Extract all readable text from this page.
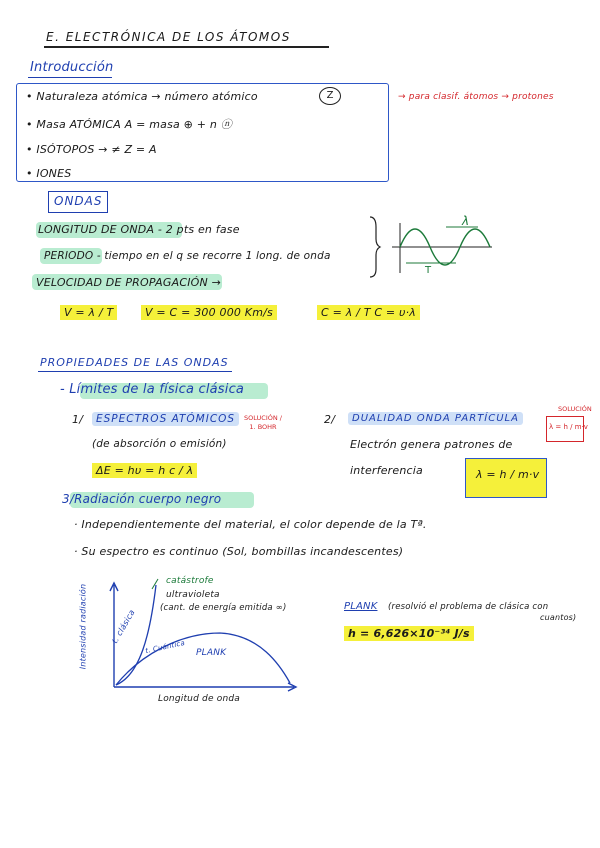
E. ELECTRÓNICA DE LOS ÁTOMOS
Introducción
• Naturaleza atómica → número atómico	Z
• Masa ATÓMICA A = masa ⊕ + n ⓝ
• ISÓTOPOS → ≠ Z = A
• IONES
→ para clasif. átomos → protones
ONDAS
LONGITUD DE ONDA - 2 pts en fase
PERIODO - tiempo en el q se recorre 1 long. de onda
VELOCIDAD DE PROPAGACIÓN →
λ
T
V = λ / T	V = C = 300 000 Km/s	C = λ / T C = υ·λ
PROPIEDADES DE LAS ONDAS
- Límites de la física clásica
1/	ESPECTROS ATÓMICOS	SOLUCIÓN / 1. BOHR
(de absorción o emisión)
ΔE = hυ = h c / λ
2/	DUALIDAD ONDA PARTÍCULA
SOLUCIÓN
λ = h / m·v
Electrón genera patrones de
interferencia	λ = h / m·v
3/Radiación cuerpo negro
· Independientemente del material, el color depende de la Tª.
· Su espectro es continuo (Sol, bombillas incandescentes)
Intensidad radiación
Longitud de onda
catástrofe
ultravioleta
(cant. de energía emitida ∞)
t. clásica
t. Cuántica PLANK
PLANK (resolvió el problema de clásica con
cuantos)
h = 6,626×10⁻³⁴ J/s
